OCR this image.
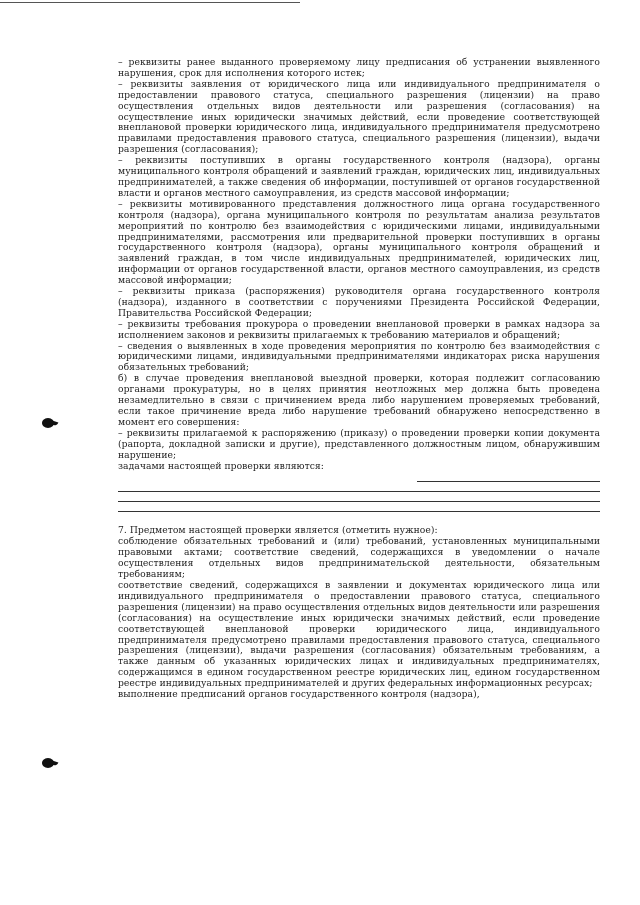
– реквизиты ранее выданного проверяемому лицу предписания об устранении выявленного нарушения, срок для исполнения которого истек;

– реквизиты заявления от юридического лица или индивидуального предпринимателя о предоставлении правового статуса, специального разрешения (лицензии) на право осуществления отдельных видов деятельности или разрешения (согласования) на осуществление иных юридически значимых действий, если проведение соответствующей внеплановой проверки юридического лица, индивидуального предпринимателя предусмотрено правилами предоставления правового статуса, специального разрешения (лицензии), выдачи разрешения (согласования);

– реквизиты поступивших в органы государственного контроля (надзора), органы муниципального контроля обращений и заявлений граждан, юридических лиц, индивидуальных предпринимателей, а также сведения об информации, поступившей от органов государственной власти и органов местного самоуправления, из средств массовой информации;

– реквизиты мотивированного представления должностного лица органа государственного контроля (надзора), органа муниципального контроля по результатам анализа результатов мероприятий по контролю без взаимодействия с юридическими лицами, индивидуальными предпринимателями, рассмотрения или предварительной проверки поступивших в органы государственного контроля (надзора), органы муниципального контроля обращений и заявлений граждан, в том числе индивидуальных предпринимателей, юридических лиц, информации от органов государственной власти, органов местного самоуправления, из средств массовой информации;

– реквизиты приказа (распоряжения) руководителя органа государственного контроля (надзора), изданного в соответствии с поручениями Президента Российской Федерации, Правительства Российской Федерации;

– реквизиты требования прокурора о проведении внеплановой проверки в рамках надзора за исполнением законов и реквизиты прилагаемых к требованию материалов и обращений;

– сведения о выявленных в ходе проведения мероприятия по контролю без взаимодействия с юридическими лицами, индивидуальными предпринимателями индикаторах риска нарушения обязательных требований;

б) в случае проведения внеплановой выездной проверки, которая подлежит согласованию органами прокуратуры, но в целях принятия неотложных мер должна быть проведена незамедлительно в связи с причинением вреда либо нарушением проверяемых требований, если такое причинение вреда либо нарушение требований обнаружено непосредственно в момент его совершения:

– реквизиты прилагаемой к распоряжению (приказу) о проведении проверки копии документа (рапорта, докладной записки и другие), представленного должностным лицом, обнаружившим нарушение;

задачами настоящей проверки являются:

7. Предметом настоящей проверки является (отметить нужное):

соблюдение обязательных требований и (или) требований, установленных муниципальными правовыми актами; соответствие сведений, содержащихся в уведомлении о начале осуществления отдельных видов предпринимательской деятельности, обязательным требованиям;

соответствие сведений, содержащихся в заявлении и документах юридического лица или индивидуального предпринимателя о предоставлении правового статуса, специального разрешения (лицензии) на право осуществления отдельных видов деятельности или разрешения (согласования) на осуществление иных юридически значимых действий, если проведение соответствующей внеплановой проверки юридического лица, индивидуального предпринимателя предусмотрено правилами предоставления правового статуса, специального разрешения (лицензии), выдачи разрешения (согласования) обязательным требованиям, а также данным об указанных юридических лицах и индивидуальных предпринимателях, содержащимся в едином государственном реестре юридических лиц, едином государственном реестре индивидуальных предпринимателей и других федеральных информационных ресурсах;

выполнение предписаний органов государственного контроля (надзора),
